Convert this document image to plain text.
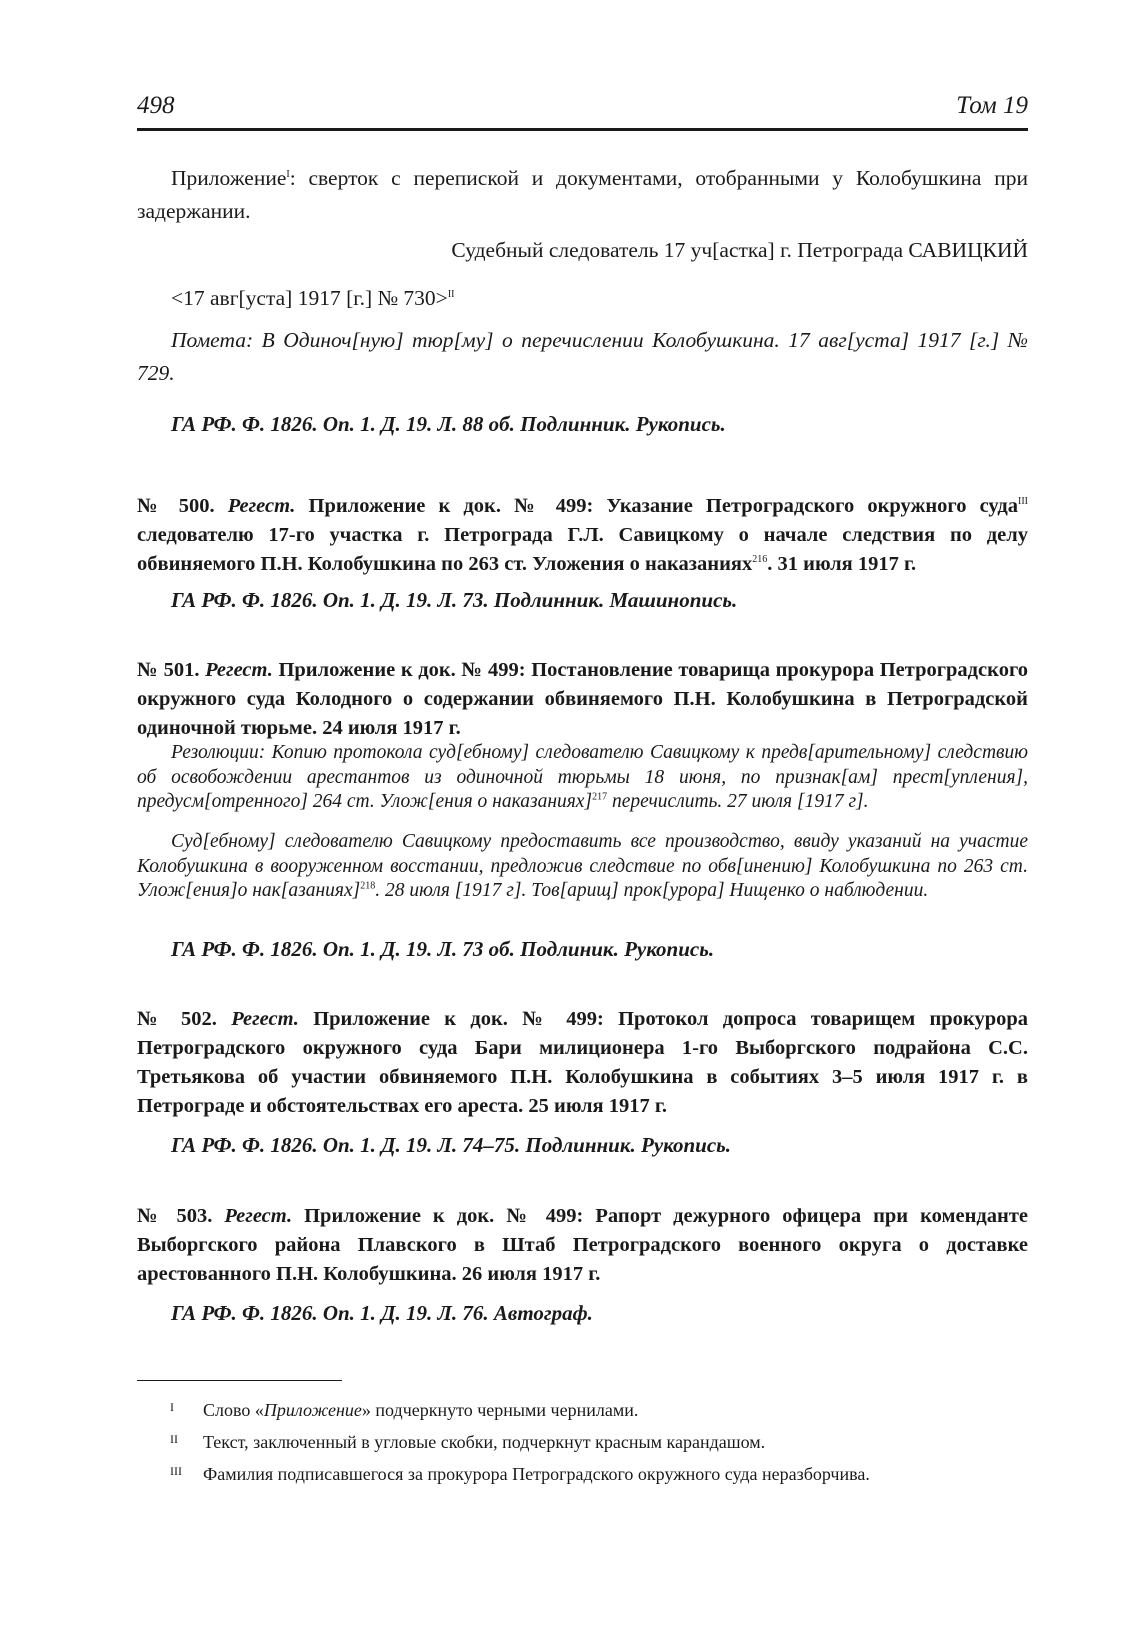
498	Том 19

Приложение$^I$: сверток с перепиской и документами, отобранными у Колобушкина при задержании.

Судебный следователь 17 уч[астка] г. Петрограда САВИЦКИЙ

<17 авг[уста] 1917 [г.] № 730>$^{II}$

Помета: В Одиноч[ную] тюр[му] о перечислении Колобушкина. 17 авг[уста] 1917 [г.] № 729.

ГА РФ. Ф. 1826. Оп. 1. Д. 19. Л. 88 об. Подлинник. Рукопись.

№ 500. Регест. Приложение к док. № 499: Указание Петроградского окружного суда$^{III}$ следователю 17-го участка г. Петрограда Г.Л. Савицкому о начале следствия по делу обвиняемого П.Н. Колобушкина по 263 ст. Уложения о наказаниях$^{216}$. 31 июля 1917 г.

ГА РФ. Ф. 1826. Оп. 1. Д. 19. Л. 73. Подлинник. Машинопись.

№ 501. Регест. Приложение к док. № 499: Постановление товарища прокурора Петроградского окружного суда Колодного о содержании обвиняемого П.Н. Колобушкина в Петроградской одиночной тюрьме. 24 июля 1917 г.

Резолюции: Копию протокола суд[ебному] следователю Савицкому к предв[арительному] следствию об освобождении арестантов из одиночной тюрьмы 18 июня, по признак[ам] прест[упления], предусм[отренного] 264 ст. Улож[ения о наказаниях]$^{217}$ перечислить. 27 июля [1917 г].

Суд[ебному] следователю Савицкому предоставить все производство, ввиду указаний на участие Колобушкина в вооруженном восстании, предложив следствие по обв[инению] Колобушкина по 263 ст. Улож[ения]о нак[азаниях]$^{218}$. 28 июля [1917 г]. Тов[арищ] прок[урора] Нищенко о наблюдении.

ГА РФ. Ф. 1826. Оп. 1. Д. 19. Л. 73 об. Подлиник. Рукопись.

№ 502. Регест. Приложение к док. № 499: Протокол допроса товарищем прокурора Петроградского окружного суда Бари милиционера 1-го Выборгского подрайона С.С. Третьякова об участии обвиняемого П.Н. Колобушкина в событиях 3–5 июля 1917 г. в Петрограде и обстоятельствах его ареста. 25 июля 1917 г.

ГА РФ. Ф. 1826. Оп. 1. Д. 19. Л. 74–75. Подлинник. Рукопись.

№ 503. Регест. Приложение к док. № 499: Рапорт дежурного офицера при коменданте Выборгского района Плавского в Штаб Петроградского военного округа о доставке арестованного П.Н. Колобушкина. 26 июля 1917 г.

ГА РФ. Ф. 1826. Оп. 1. Д. 19. Л. 76. Автограф.

I Слово «Приложение» подчеркнуто черными чернилами.
II Текст, заключенный в угловые скобки, подчеркнут красным карандашом.
III Фамилия подписавшегося за прокурора Петроградского окружного суда неразборчива.
